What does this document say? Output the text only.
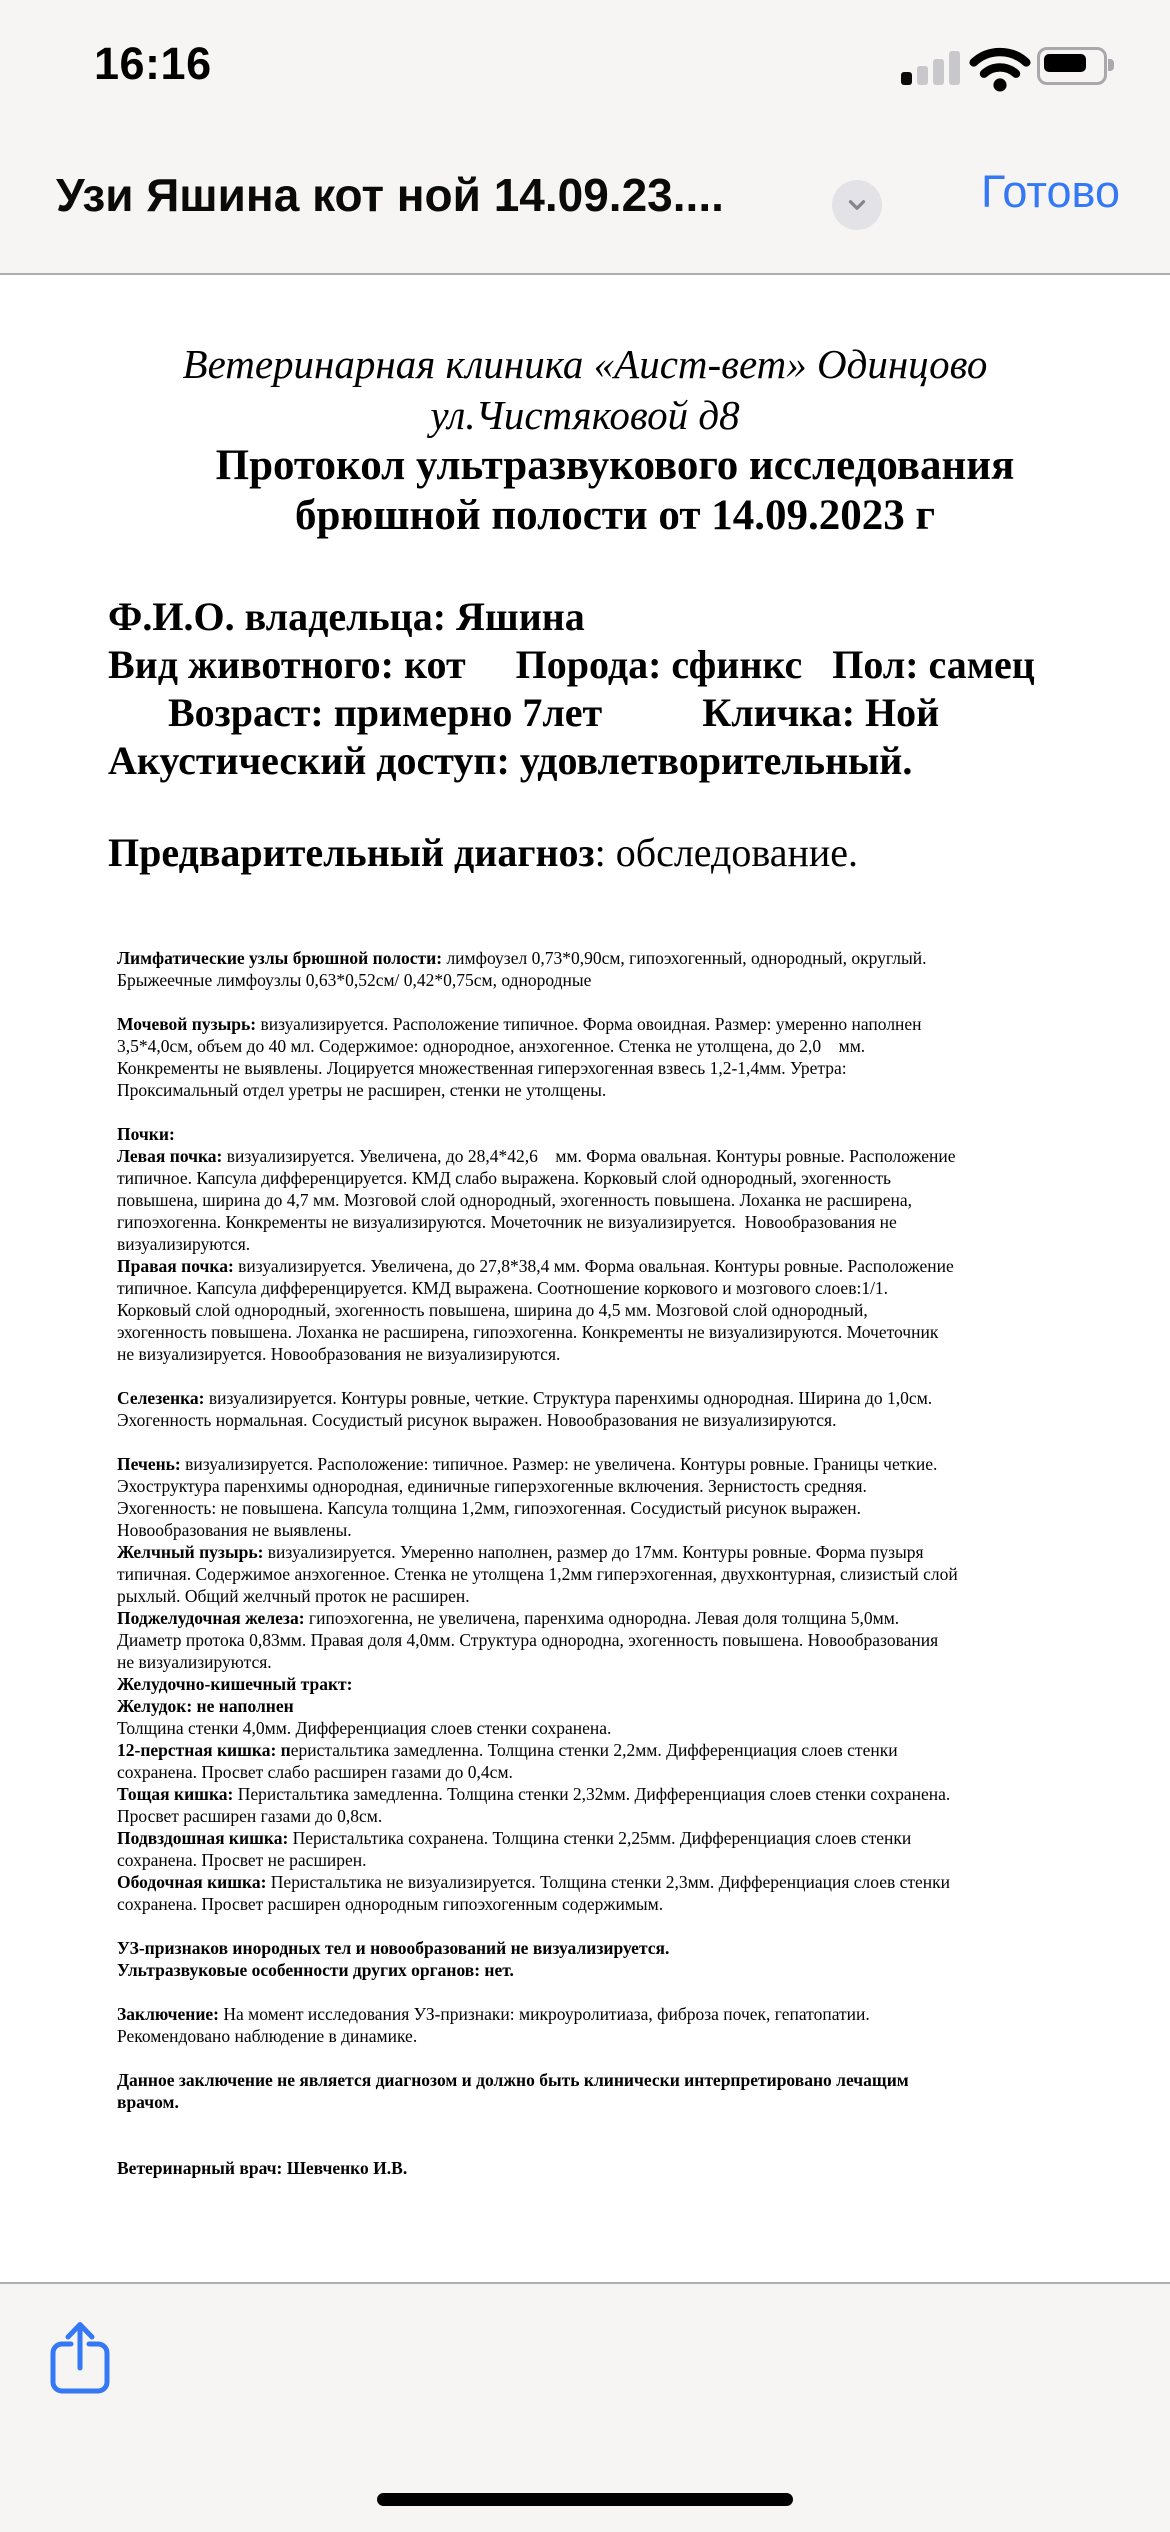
16:16
Узи Яшина кот ной 14.09.23....	Готово
Ветеринарная клиника «Аист-вет» Одинцово
ул.Чистяковой д8
Протокол ультразвукового исследования
брюшной полости от 14.09.2023 г
Ф.И.О. владельца: Яшина
Вид животного: кот     Порода: сфинкс   Пол: самец
Возраст: примерно 7лет          Кличка: Ной
Акустический доступ: удовлетворительный.
Предварительный диагноз: обследование.
Лимфатические узлы брюшной полости: лимфоузел 0,73*0,90см, гипоэхогенный, однородный, округлый.
Брыжеечные лимфоузлы 0,63*0,52см/ 0,42*0,75см, однородные
Мочевой пузырь: визуализируется. Расположение типичное. Форма овоидная. Размер: умеренно наполнен
3,5*4,0см, объем до 40 мл. Содержимое: однородное, анэхогенное. Стенка не утолщена, до 2,0    мм.
Конкременты не выявлены. Лоцируется множественная гиперэхогенная взвесь 1,2-1,4мм. Уретра:
Проксимальный отдел уретры не расширен, стенки не утолщены.
Почки:
Левая почка: визуализируется. Увеличена, до 28,4*42,6    мм. Форма овальная. Контуры ровные. Расположение
типичное. Капсула дифференцируется. КМД слабо выражена. Корковый слой однородный, эхогенность
повышена, ширина до 4,7 мм. Мозговой слой однородный, эхогенность повышена. Лоханка не расширена,
гипоэхогенна. Конкременты не визуализируются. Мочеточник не визуализируется.  Новообразования не
визуализируются.
Правая почка: визуализируется. Увеличена, до 27,8*38,4 мм. Форма овальная. Контуры ровные. Расположение
типичное. Капсула дифференцируется. КМД выражена. Соотношение коркового и мозгового слоев:1/1.
Корковый слой однородный, эхогенность повышена, ширина до 4,5 мм. Мозговой слой однородный,
эхогенность повышена. Лоханка не расширена, гипоэхогенна. Конкременты не визуализируются. Мочеточник
не визуализируется. Новообразования не визуализируются.
Селезенка: визуализируется. Контуры ровные, четкие. Структура паренхимы однородная. Ширина до 1,0см.
Эхогенность нормальная. Сосудистый рисунок выражен. Новообразования не визуализируются.
Печень: визуализируется. Расположение: типичное. Размер: не увеличена. Контуры ровные. Границы четкие.
Эхоструктура паренхимы однородная, единичные гиперэхогенные включения. Зернистость средняя.
Эхогенность: не повышена. Капсула толщина 1,2мм, гипоэхогенная. Сосудистый рисунок выражен.
Новообразования не выявлены.
Желчный пузырь: визуализируется. Умеренно наполнен, размер до 17мм. Контуры ровные. Форма пузыря
типичная. Содержимое анэхогенное. Стенка не утолщена 1,2мм гиперэхогенная, двухконтурная, слизистый слой
рыхлый. Общий желчный проток не расширен.
Поджелудочная железа: гипоэхогенна, не увеличена, паренхима однородна. Левая доля толщина 5,0мм.
Диаметр протока 0,83мм. Правая доля 4,0мм. Структура однородна, эхогенность повышена. Новообразования
не визуализируются.
Желудочно-кишечный тракт:
Желудок: не наполнен
Толщина стенки 4,0мм. Дифференциация слоев стенки сохранена.
12-перстная кишка: перистальтика замедленна. Толщина стенки 2,2мм. Дифференциация слоев стенки
сохранена. Просвет слабо расширен газами до 0,4см.
Тощая кишка: Перистальтика замедленна. Толщина стенки 2,32мм. Дифференциация слоев стенки сохранена.
Просвет расширен газами до 0,8см.
Подвздошная кишка: Перистальтика сохранена. Толщина стенки 2,25мм. Дифференциация слоев стенки
сохранена. Просвет не расширен.
Ободочная кишка: Перистальтика не визуализируется. Толщина стенки 2,3мм. Дифференциация слоев стенки
сохранена. Просвет расширен однородным гипоэхогенным содержимым.
УЗ-признаков инородных тел и новообразований не визуализируется.
Ультразвуковые особенности других органов: нет.
Заключение: На момент исследования УЗ-признаки: микроуролитиаза, фиброза почек, гепатопатии.
Рекомендовано наблюдение в динамике.
Данное заключение не является диагнозом и должно быть клинически интерпретировано лечащим
врачом.
Ветеринарный врач: Шевченко И.В.
